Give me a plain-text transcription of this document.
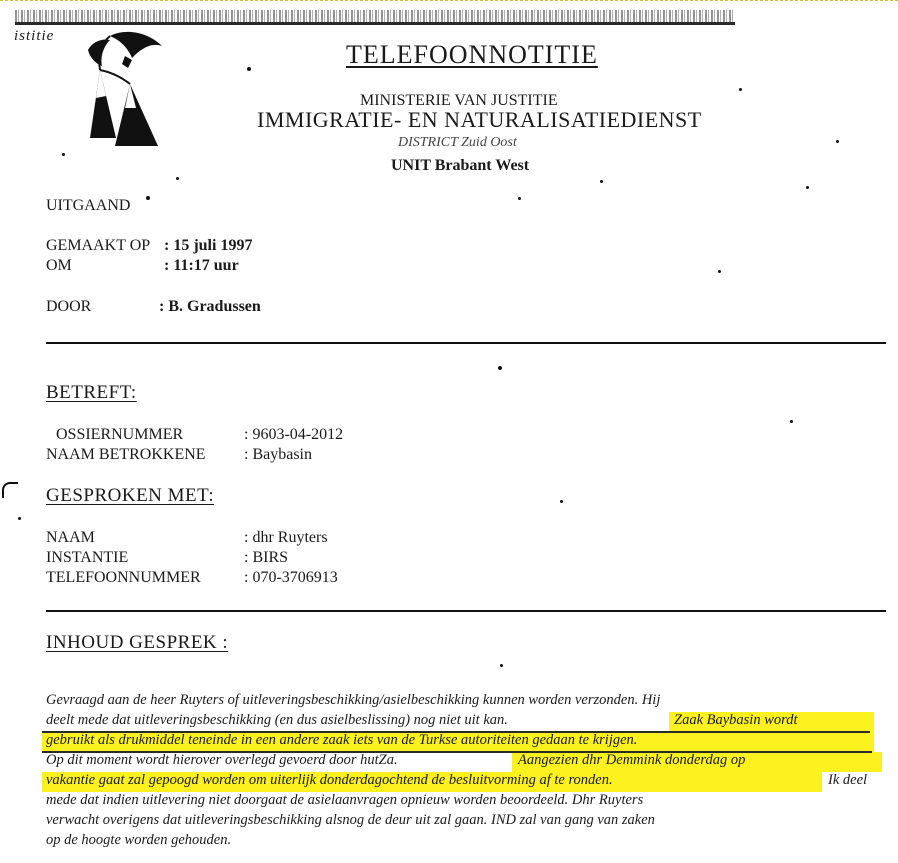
istitie
TELEFOONNOTITIE
MINISTERIE VAN JUSTITIE
IMMIGRATIE- EN NATURALISATIEDIENST
DISTRICT Zuid Oost
UNIT Brabant West
UITGAAND
GEMAAKT OP : 15 juli 1997
OM	: 11:17 uur
DOOR	: B. Gradussen
BETREFT:
OSSIERNUMMER	: 9603-04-2012
NAAM BETROKKENE : Baybasin
GESPROKEN MET:
NAAM	: dhr Ruyters
INSTANTIE	: BIRS
TELEFOONNUMMER	: 070-3706913
INHOUD GESPREK :
Gevraagd aan de heer Ruyters of uitleveringsbeschikking/asielbeschikking kunnen worden verzonden. Hij
deelt mede dat uitleveringsbeschikking (en dus asielbeslissing) nog niet uit kan.	Zaak Baybasin wordt
gebruikt als drukmiddel teneinde in een andere zaak iets van de Turkse autoriteiten gedaan te krijgen.
Op dit moment wordt hierover overlegd gevoerd door hutZa.	Aangezien dhr Demmink donderdag op
vakantie gaat zal gepoogd worden om uiterlijk donderdagochtend de besluitvorming af te ronden.	Ik deel
mede dat indien uitlevering niet doorgaat de asielaanvragen opnieuw worden beoordeeld. Dhr Ruyters
verwacht overigens dat uitleveringsbeschikking alsnog de deur uit zal gaan. IND zal van gang van zaken
op de hoogte worden gehouden.
